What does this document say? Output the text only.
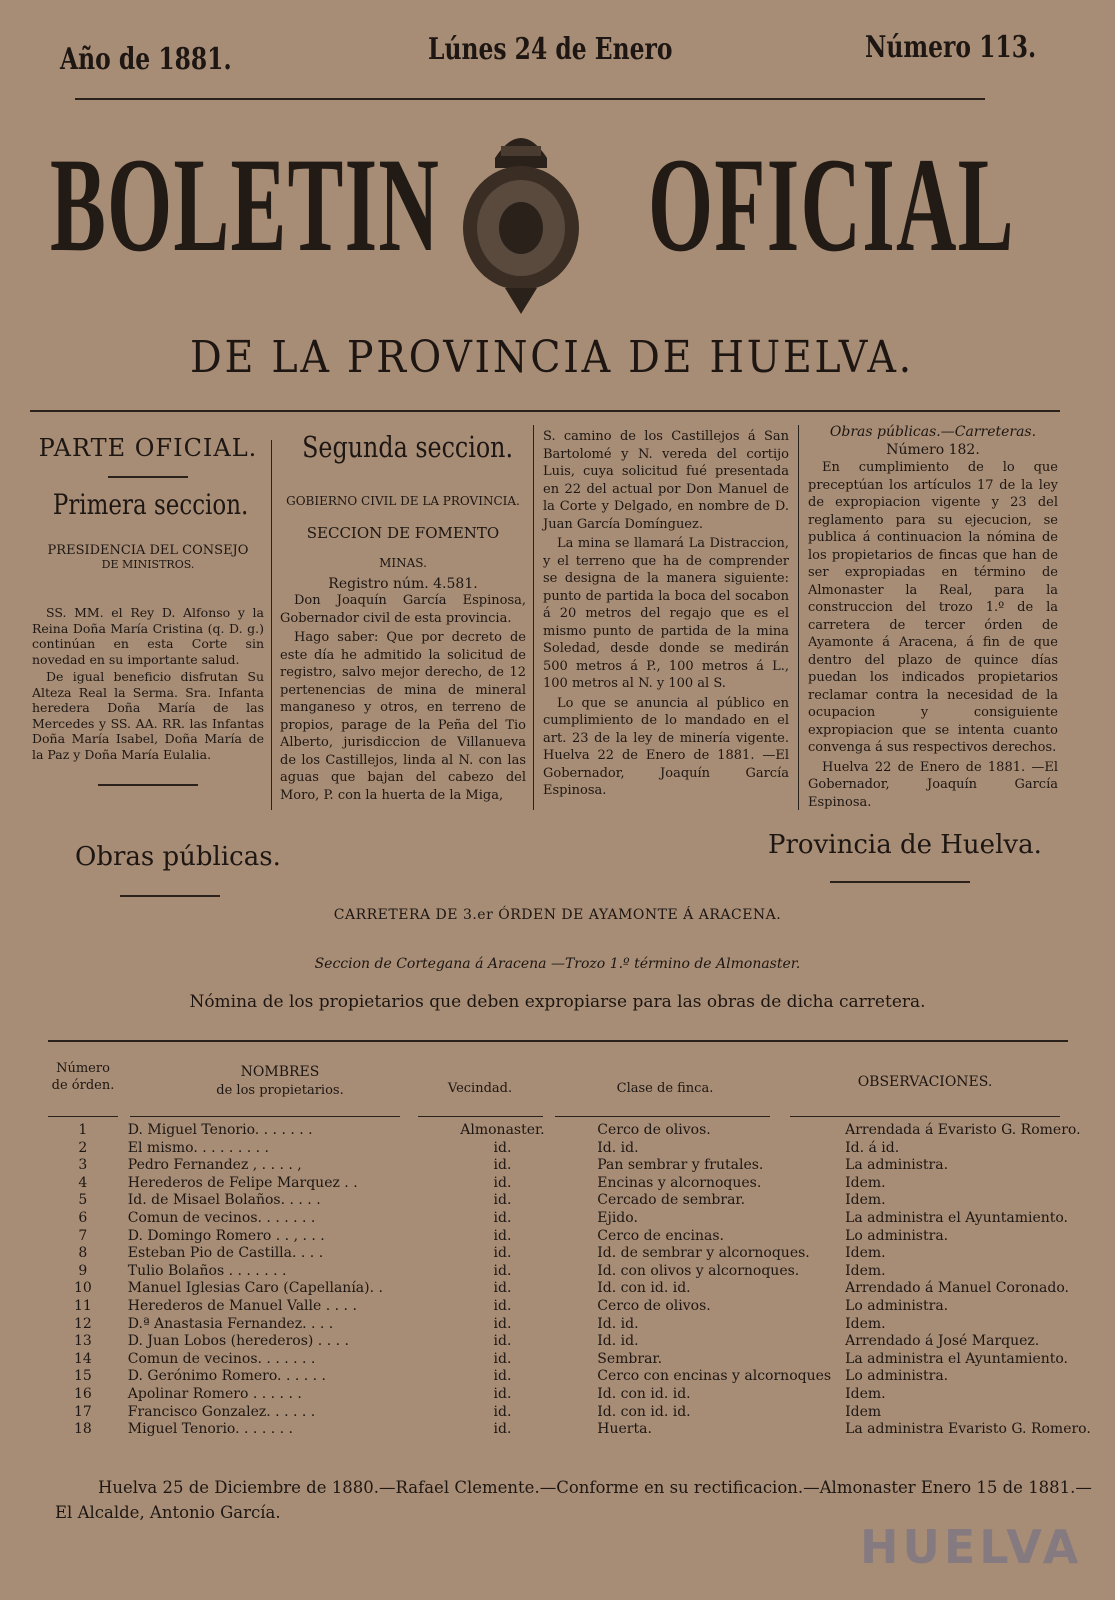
Año de 1881.	Lúnes 24 de Enero	Número 113.
BOLETIN OFICIAL
DE LA PROVINCIA DE HUELVA.
PARTE OFICIAL.
Primera seccion.
PRESIDENCIA DEL CONSEJO
DE MINISTROS.

SS. MM. el Rey D. Alfonso y la Reina Doña María Cristina (q. D. g.) continúan en esta Corte sin novedad en su importante salud.

De igual beneficio disfrutan Su Alteza Real la Serma. Sra. Infanta heredera Doña María de las Mercedes y SS. AA. RR. las Infantas Doña María Isabel, Doña María de la Paz y Doña María Eulalia.

Segunda seccion.
GOBIERNO CIVIL DE LA PROVINCIA.
SECCION DE FOMENTO
MINAS.
Registro núm. 4.581.

Don Joaquín García Espinosa, Gobernador civil de esta provincia.

Hago saber: Que por decreto de este día he admitido la solicitud de registro, salvo mejor derecho, de 12 pertenencias de mina de mineral manganeso y otros, en terreno de propios, parage de la Peña del Tio Alberto, jurisdiccion de Villanueva de los Castillejos, linda al N. con las aguas que bajan del cabezo del Moro, P. con la huerta de la Miga,

S. camino de los Castillejos á San Bartolomé y N. vereda del cortijo Luis, cuya solicitud fué presentada en 22 del actual por Don Manuel de la Corte y Delgado, en nombre de D. Juan García Domínguez.

La mina se llamará La Distraccion, y el terreno que ha de comprender se designa de la manera siguiente: punto de partida la boca del socabon á 20 metros del regajo que es el mismo punto de partida de la mina Soledad, desde donde se medirán 500 metros á P., 100 metros á L., 100 metros al N. y 100 al S.

Lo que se anuncia al público en cumplimiento de lo mandado en el art. 23 de la ley de minería vigente. Huelva 22 de Enero de 1881. —El Gobernador, Joaquín García Espinosa.

Obras públicas.—Carreteras.
Número 182.

En cumplimiento de lo que preceptúan los artículos 17 de la ley de expropiacion vigente y 23 del reglamento para su ejecucion, se publica á continuacion la nómina de los propietarios de fincas que han de ser expropiadas en término de Almonaster la Real, para la construccion del trozo 1.º de la carretera de tercer órden de Ayamonte á Aracena, á fin de que dentro del plazo de quince días puedan los indicados propietarios reclamar contra la necesidad de la ocupacion y consiguiente expropiacion que se intenta cuanto convenga á sus respectivos derechos.

Huelva 22 de Enero de 1881. —El Gobernador, Joaquín García Espinosa.

Obras públicas.	Provincia de Huelva.
CARRETERA DE 3.er ÓRDEN DE AYAMONTE Á ARACENA.
Seccion de Cortegana á Aracena —Trozo 1.º término de Almonaster.
Nómina de los propietarios que deben expropiarse para las obras de dicha carretera.
Número de órden.
NOMBRES
de los propietarios.	Vecindad.	Clase de finca.	OBSERVACIONES.
1	D. Miguel Tenorio. . . . . . .	Almonaster.	Cerco de olivos.	Arrendada á Evaristo G. Romero.
2	El mismo. . . . . . . . .	id.	Id. id.	Id. á id.
3	Pedro Fernandez , . . . . ,	id.	Pan sembrar y frutales.	La administra.
4	Herederos de Felipe Marquez . .	id.	Encinas y alcornoques.	Idem.
5	Id. de Misael Bolaños. . . . .	id.	Cercado de sembrar.	Idem.
6	Comun de vecinos. . . . . . .	id.	Ejido.	La administra el Ayuntamiento.
7	D. Domingo Romero . . , . . .	id.	Cerco de encinas.	Lo administra.
8	Esteban Pio de Castilla. . . .	id.	Id. de sembrar y alcornoques.	Idem.
9	Tulio Bolaños . . . . . . .	id.	Id. con olivos y alcornoques.	Idem.
10	Manuel Iglesias Caro (Capellanía). .	id.	Id. con id. id.	Arrendado á Manuel Coronado.
11	Herederos de Manuel Valle . . . .	id.	Cerco de olivos.	Lo administra.
12	D.ª Anastasia Fernandez. . . .	id.	Id. id.	Idem.
13	D. Juan Lobos (herederos) . . . .	id.	Id. id.	Arrendado á José Marquez.
14	Comun de vecinos. . . . . . .	id.	Sembrar.	La administra el Ayuntamiento.
15	D. Gerónimo Romero. . . . . .	id.	Cerco con encinas y alcornoques	Lo administra.
16	Apolinar Romero . . . . . .	id.	Id. con id. id.	Idem.
17	Francisco Gonzalez. . . . . .	id.	Id. con id. id.	Idem
18	Miguel Tenorio. . . . . . .	id.	Huerta.	La administra Evaristo G. Romero.
Huelva 25 de Diciembre de 1880.—Rafael Clemente.—Conforme en su rectificacion.—Almonaster Enero 15 de 1881.—
El Alcalde, Antonio García.
HUELVA
